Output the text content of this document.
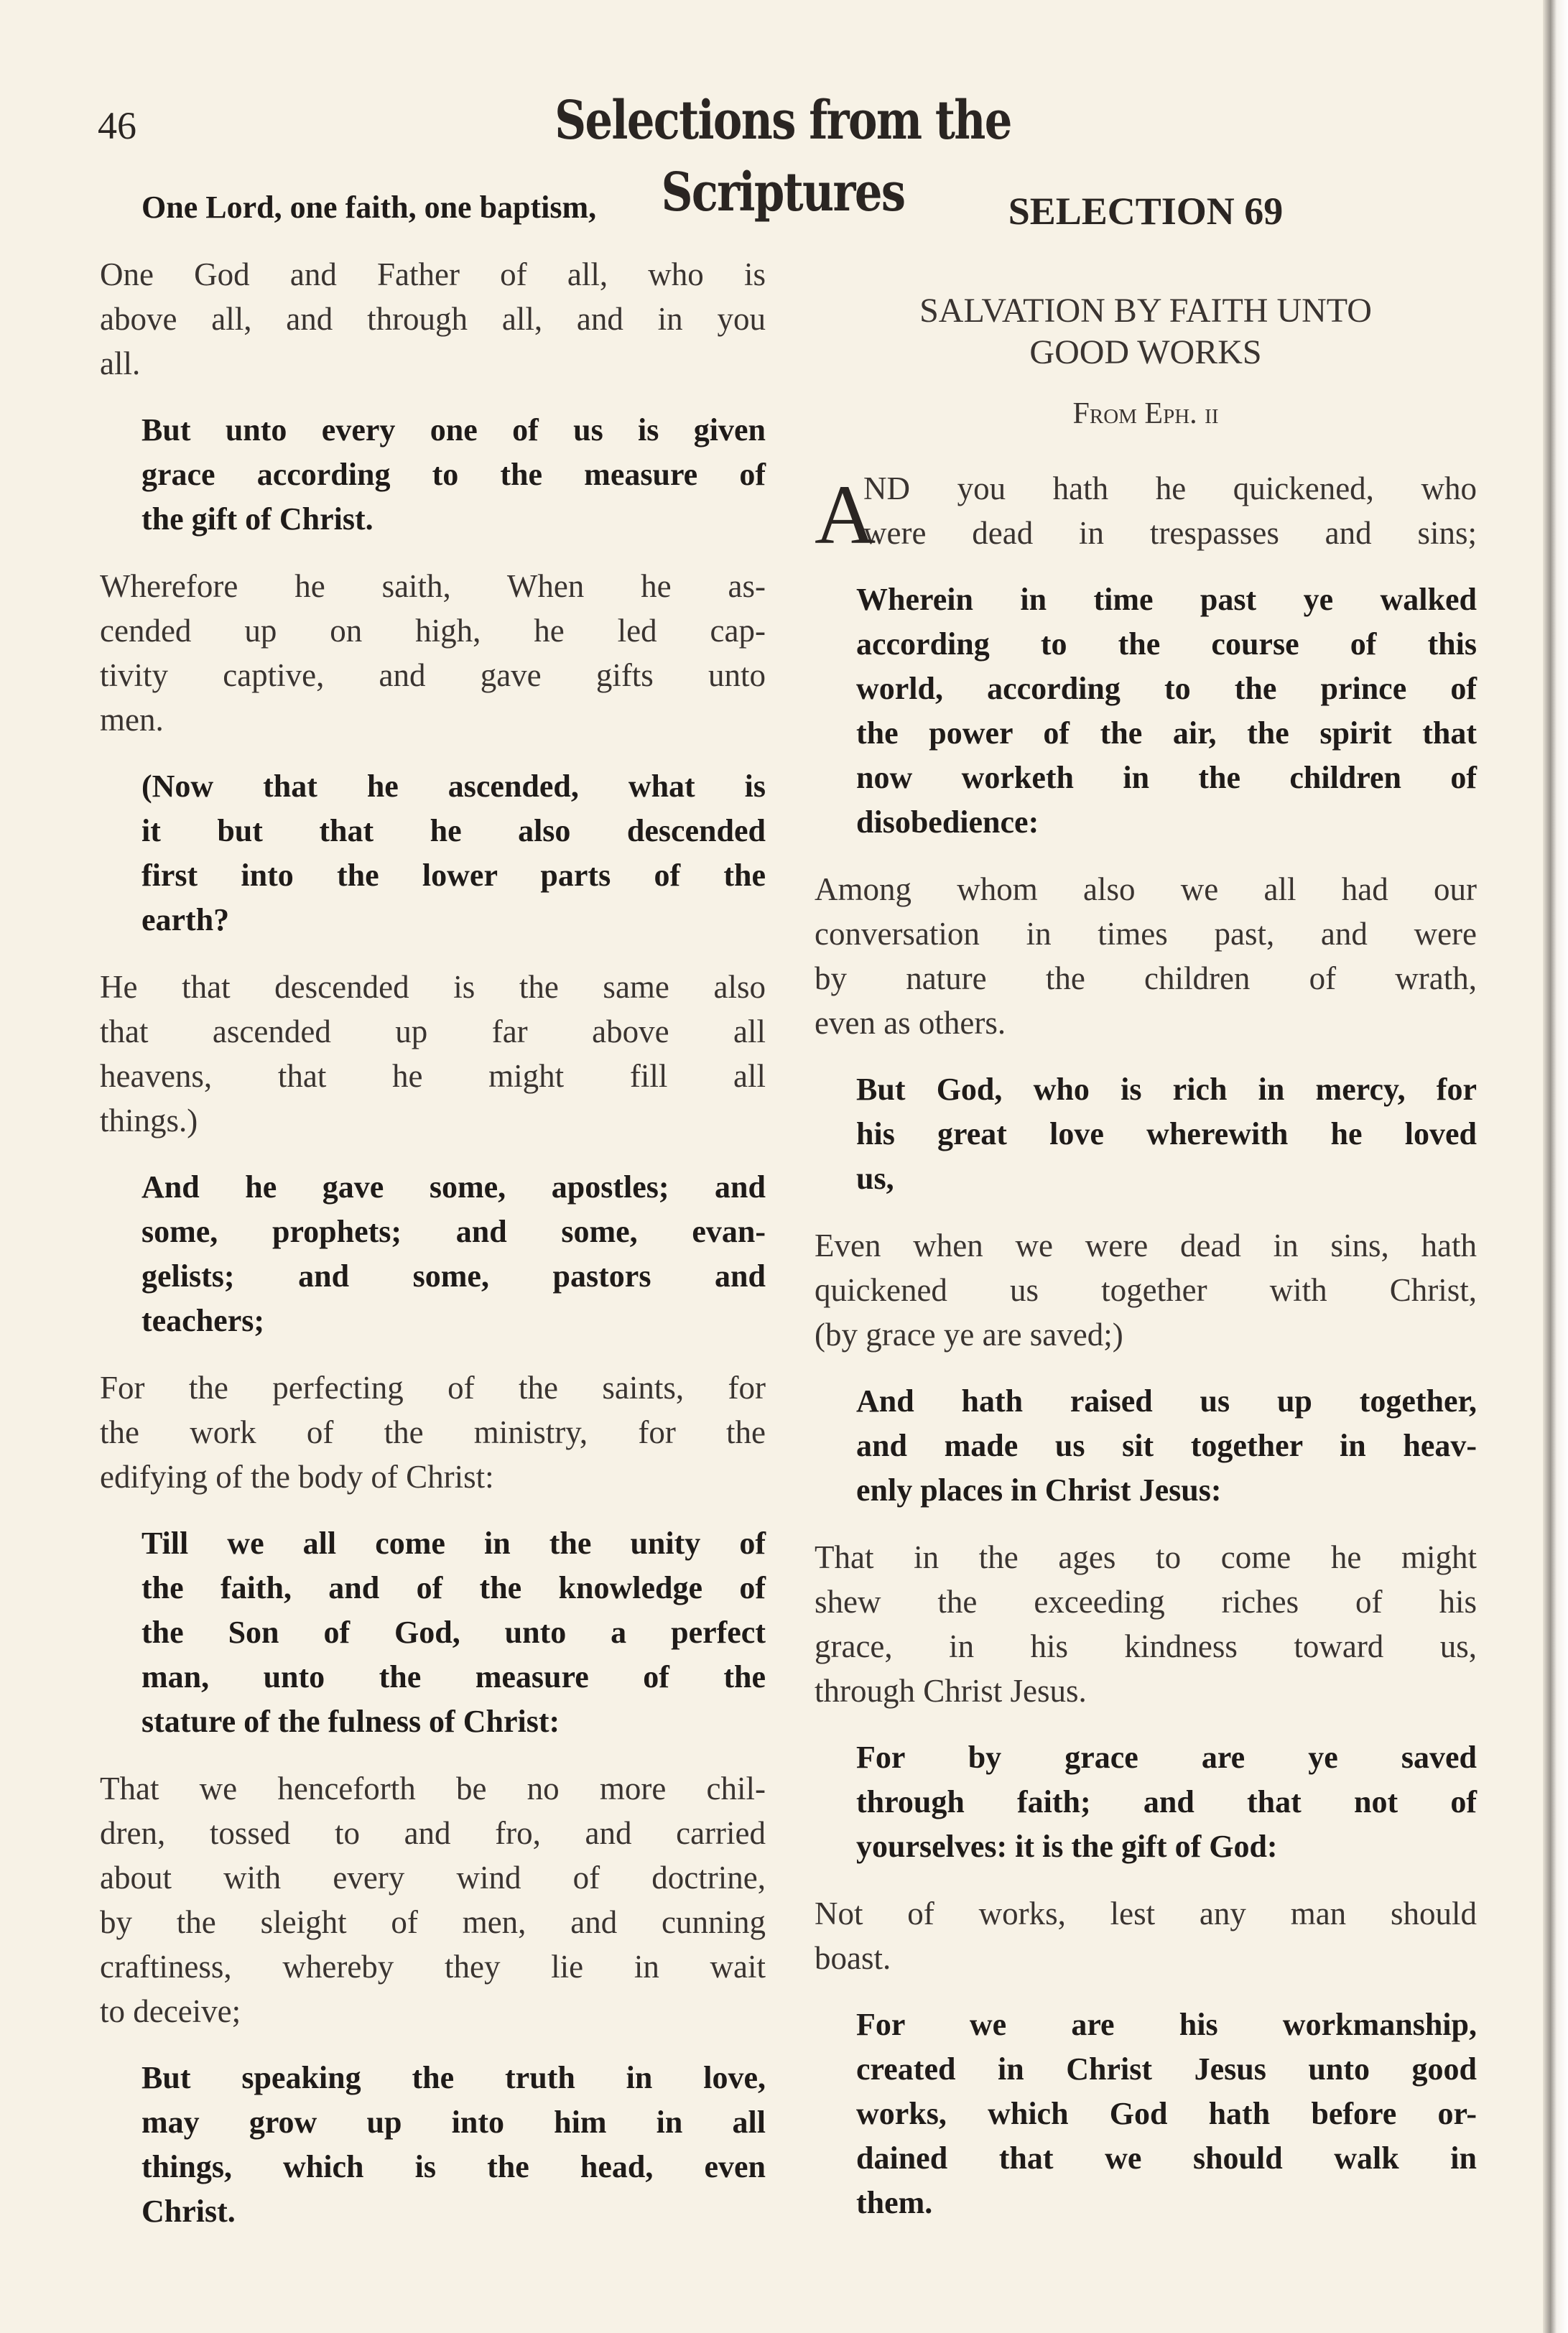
46	Selections from the Scriptures
One Lord, one faith, one baptism,
One God and Father of all, who is
above all, and through all, and in you
all.
But unto every one of us is given
grace according to the measure of
the gift of Christ.
Wherefore he saith, When he as-
cended up on high, he led cap-
tivity captive, and gave gifts unto
men.
(Now that he ascended, what is
it but that he also descended
first into the lower parts of the
earth?
He that descended is the same also
that ascended up far above all
heavens, that he might fill all
things.)
And he gave some, apostles; and
some, prophets; and some, evan-
gelists; and some, pastors and
teachers;
For the perfecting of the saints, for
the work of the ministry, for the
edifying of the body of Christ:
Till we all come in the unity of
the faith, and of the knowledge of
the Son of God, unto a perfect
man, unto the measure of the
stature of the fulness of Christ:
That we henceforth be no more chil-
dren, tossed to and fro, and carried
about with every wind of doctrine,
by the sleight of men, and cunning
craftiness, whereby they lie in wait
to deceive;
But speaking the truth in love,
may grow up into him in all
things, which is the head, even
Christ.
SELECTION 69
SALVATION BY FAITH UNTO
GOOD WORKS
From Eph. ii
A
ND you hath he quickened, who
were dead in trespasses and sins;
Wherein in time past ye walked
according to the course of this
world, according to the prince of
the power of the air, the spirit that
now worketh in the children of
disobedience:
Among whom also we all had our
conversation in times past, and were
by nature the children of wrath,
even as others.
But God, who is rich in mercy, for
his great love wherewith he loved
us,
Even when we were dead in sins, hath
quickened us together with Christ,
(by grace ye are saved;)
And hath raised us up together,
and made us sit together in heav-
enly places in Christ Jesus:
That in the ages to come he might
shew the exceeding riches of his
grace, in his kindness toward us,
through Christ Jesus.
For by grace are ye saved
through faith; and that not of
yourselves: it is the gift of God:
Not of works, lest any man should
boast.
For we are his workmanship,
created in Christ Jesus unto good
works, which God hath before or-
dained that we should walk in
them.
